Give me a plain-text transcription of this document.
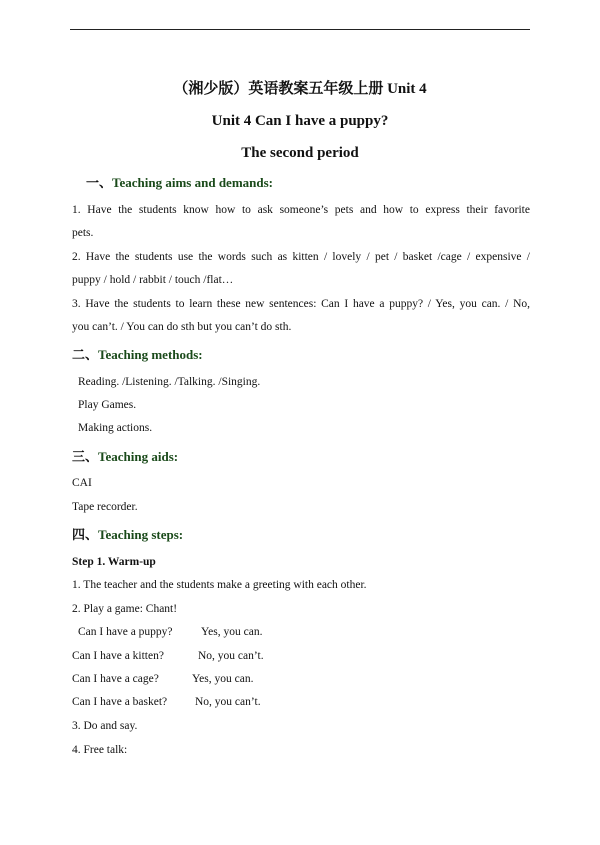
（湘少版）英语教案五年级上册 Unit 4
Unit 4 Can I have a puppy?
The second period
一、Teaching aims and demands:
1. Have the students know how to ask someone’s pets and how to express their favorite
pets.
2. Have the students use the words such as kitten / lovely / pet / basket /cage / expensive /
puppy / hold / rabbit / touch /flat…
3. Have the students to learn these new sentences: Can I have a puppy? / Yes, you can. / No,
you can’t. / You can do sth but you can’t do sth.
二、Teaching methods:
Reading. /Listening. /Talking. /Singing.
Play Games.
Making actions.
三、Teaching aids:
CAI
Tape recorder.
四、Teaching steps:
Step 1. Warm-up
1. The teacher and the students make a greeting with each other.
2. Play a game: Chant!
Can I have a puppy? Yes, you can.
Can I have a kitten?	No, you can’t.
Can I have a cage?	Yes, you can.
Can I have a basket? No, you can’t.
3. Do and say.
4. Free talk:
